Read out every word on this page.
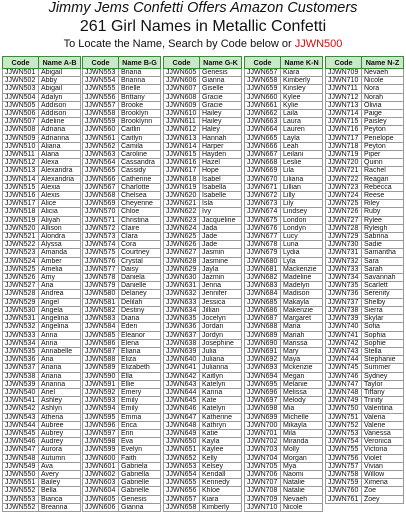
Jimmy Jems Confetti Offers Amazon Customers
261 Girl Names in Metallic Confetti
To Locate the Name, Search by Code below or JJWN500
Code	Name A-B
JJWN501	Abigail
JJWN502	Abby
JJWN503	Abigail
JJWN504	Adalyn
JJWN505	Addison
JJWN506	Addison
JJWN507	Adeline
JJWN508	Adriana
JJWN509	Adrianna
JJWN510	Aliana
JJWN511	Alana
JJWN512	Alexa
JJWN513	Alexandra
JJWN514	Alexandria
JJWN515	Alexia
JJWN516	Alexis
JJWN517	Alice
JJWN518	Alicia
JJWN519	Aliyah
JJWN520	Allison
JJWN521	Alondra
JJWN522	Alyssa
JJWN523	Amanda
JJWN524	Amber
JJWN525	Amelia
JJWN526	Amy
JJWN527	Ana
JJWN528	Andrea
JJWN529	Angel
JJWN530	Angela
JJWN531	Angelina
JJWN532	Angelina
JJWN533	Anna
JJWN534	Anna
JJWN535	Annabelle
JJWN536	Aria
JJWN537	Ariana
JJWN538	Ariana
JJWN539	Arianna
JJWN540	Ariel
JJWN541	Ashley
JJWN542	Ashlyn
JJWN543	Athena
JJWN544	Aubree
JJWN545	Aubrey
JJWN546	Audrey
JJWN547	Aurora
JJWN548	Autumn
JJWN549	Ava
JJWN550	Avery
JJWN551	Bailey
JJWN552	Bella
JJWN553	Bianca
JJWN552	Breanna
Code	Name B-G
JJWN553	Briana
JJWN554	Brianna
JJWN555	Brielle
JJWN556	Brittany
JJWN557	Brooke
JJWN558	Brooklyn
JJWN559	Brooklynn
JJWN560	Caitlin
JJWN561	Caitlyn
JJWN562	Camila
JJWN563	Caroline
JJWN564	Cassandra
JJWN565	Cassidy
JJWN566	Catherine
JJWN567	Charlotte
JJWN568	Chelsea
JJWN569	Cheyenne
JJWN570	Chloe
JJWN571	Christina
JJWN572	Claire
JJWN573	Clara
JJWN574	Cora
JJWN575	Courtney
JJWN576	Crystal
JJWN577	Daisy
JJWN578	Daniela
JJWN579	Danielle
JJWN580	Delaney
JJWN581	Delilah
JJWN582	Destiny
JJWN583	Diana
JJWN584	Eden
JJWN585	Eleanor
JJWN586	Elena
JJWN587	Eliana
JJWN588	Eliza
JJWN589	Elizabeth
JJWN590	Ella
JJWN591	Ellie
JJWN592	Emery
JJWN593	Emily
JJWN594	Emily
JJWN595	Emma
JJWN596	Erica
JJWN597	Erin
JJWN598	Eva
JJWN599	Evelyn
JJWN600	Faith
JJWN601	Gabriela
JJWN602	Gabriella
JJWN603	Gabrielle
JJWN604	Gabrielle
JJWN605	Genesis
JJWN606	Gianna
Code	Name G-K
JJWN605	Genesis
JJWN606	Gianna
JJWN607	Giselle
JJWN608	Gracie
JJWN609	Gracie
JJWN610	Hailey
JJWN611	Hailey
JJWN612	Haley
JJWN613	Hannah
JJWN614	Harper
JJWN615	Hayden
JJWN616	Hazel
JJWN617	Hope
JJWN618	Isabel
JJWN619	Isabella
JJWN620	Isabelle
JJWN621	Isla
JJWN622	Ivy
JJWN623	Jacqueline
JJWN624	Jada
JJWN625	Jade
JJWN626	Jade
JJWN627	Jasmin
JJWN628	Jasmine
JJWN629	Jayla
JJWN630	Jazmin
JJWN631	Jenna
JJWN632	Jennifer
JJWN633	Jessica
JJWN634	Jillian
JJWN635	Jocelyn
JJWN636	Jordan
JJWN637	Jordyn
JJWN638	Josephine
JJWN639	Julia
JJWN640	Juliana
JJWN641	Julianna
JJWN642	Kaitlyn
JJWN643	Katelyn
JJWN644	Karina
JJWN645	Kate
JJWN646	Katelyn
JJWN647	Katherine
JJWN648	Kathryn
JJWN649	Katie
JJWN650	Kayla
JJWN651	Kaylee
JJWN652	Kelly
JJWN653	Kelsey
JJWN654	Kendall
JJWN655	Kennedy
JJWN656	Khloe
JJWN657	Kiara
JJWN658	Kimberly
Code	Name K-N
JJWN657	Kiara
JJWN658	Kimberly
JJWN659	Kinsley
JJWN660	Kylee
JJWN661	Kylie
JJWN662	Laila
JJWN663	Laura
JJWN664	Lauren
JJWN665	Layla
JJWN666	Leah
JJWN667	Leilani
JJWN668	Leslie
JJWN669	Lila
JJWN670	Liliana
JJWN671	Lillian
JJWN672	Lilly
JJWN673	Lily
JJWN674	Lindsey
JJWN675	London
JJWN676	Londyn
JJWN677	Lucy
JJWN678	Luna
JJWN679	Lydia
JJWN680	Lyla
JJWN681	Mackenzie
JJWN682	Madeline
JJWN683	Madelyn
JJWN684	Madison
JJWN685	Makayla
JJWN686	Makenzie
JJWN687	Margaret
JJWN688	Maria
JJWN689	Mariah
JJWN690	Marissa
JJWN691	Mary
JJWN692	Maya
JJWN693	Mckenzie
JJWN694	Megan
JJWN695	Melanie
JJWN696	Melissa
JJWN697	Melody
JJWN698	Mia
JJWN699	Michelle
JJWN700	Mikayla
JJWN701	Mila
JJWN702	Miranda
JJWN703	Molly
JJWN704	Morgan
JJWN705	Mya
JJWN706	Naomi
JJWN707	Natalie
JJWN708	Natalie
JJWN709	Nevaeh
JJWN710	Nicole
Code	Name N-Z
JJWN709	Nevaeh
JJWN710	Nicole
JJWN711	Nora
JJWN712	Norah
JJWN713	Olivia
JJWN714	Paige
JJWN715	Paisley
JJWN716	Peyton
JJWN717	Penelope
JJWN718	Peyton
JJWN719	Piper
JJWN720	Quinn
JJWN721	Rachel
JJWN722	Reagan
JJWN723	Rebecca
JJWN724	Reese
JJWN725	Riley
JJWN726	Ruby
JJWN727	Rylee
JJWN728	Ryleigh
JJWN729	Sabrina
JJWN730	Sadie
JJWN731	Samantha
JJWN732	Sara
JJWN733	Sarah
JJWN734	Savannah
JJWN735	Scarlett
JJWN736	Serenity
JJWN737	Shelby
JJWN738	Sierra
JJWN739	Skylar
JJWN740	Sofia
JJWN741	Sophia
JJWN742	Sophie
JJWN743	Stella
JJWN744	Stephanie
JJWN745	Summer
JJWN746	Sydney
JJWN747	Taylor
JJWN748	Tiffany
JJWN749	Trinity
JJWN750	Valentina
JJWN751	Valeria
JJWN752	Valerie
JJWN753	Vanessa
JJWN754	Veronica
JJWN755	Victoria
JJWN756	Violet
JJWN757	Vivian
JJWN758	Willow
JJWN759	Ximena
JJWN760	Zoe
JJWN761	Zoey
